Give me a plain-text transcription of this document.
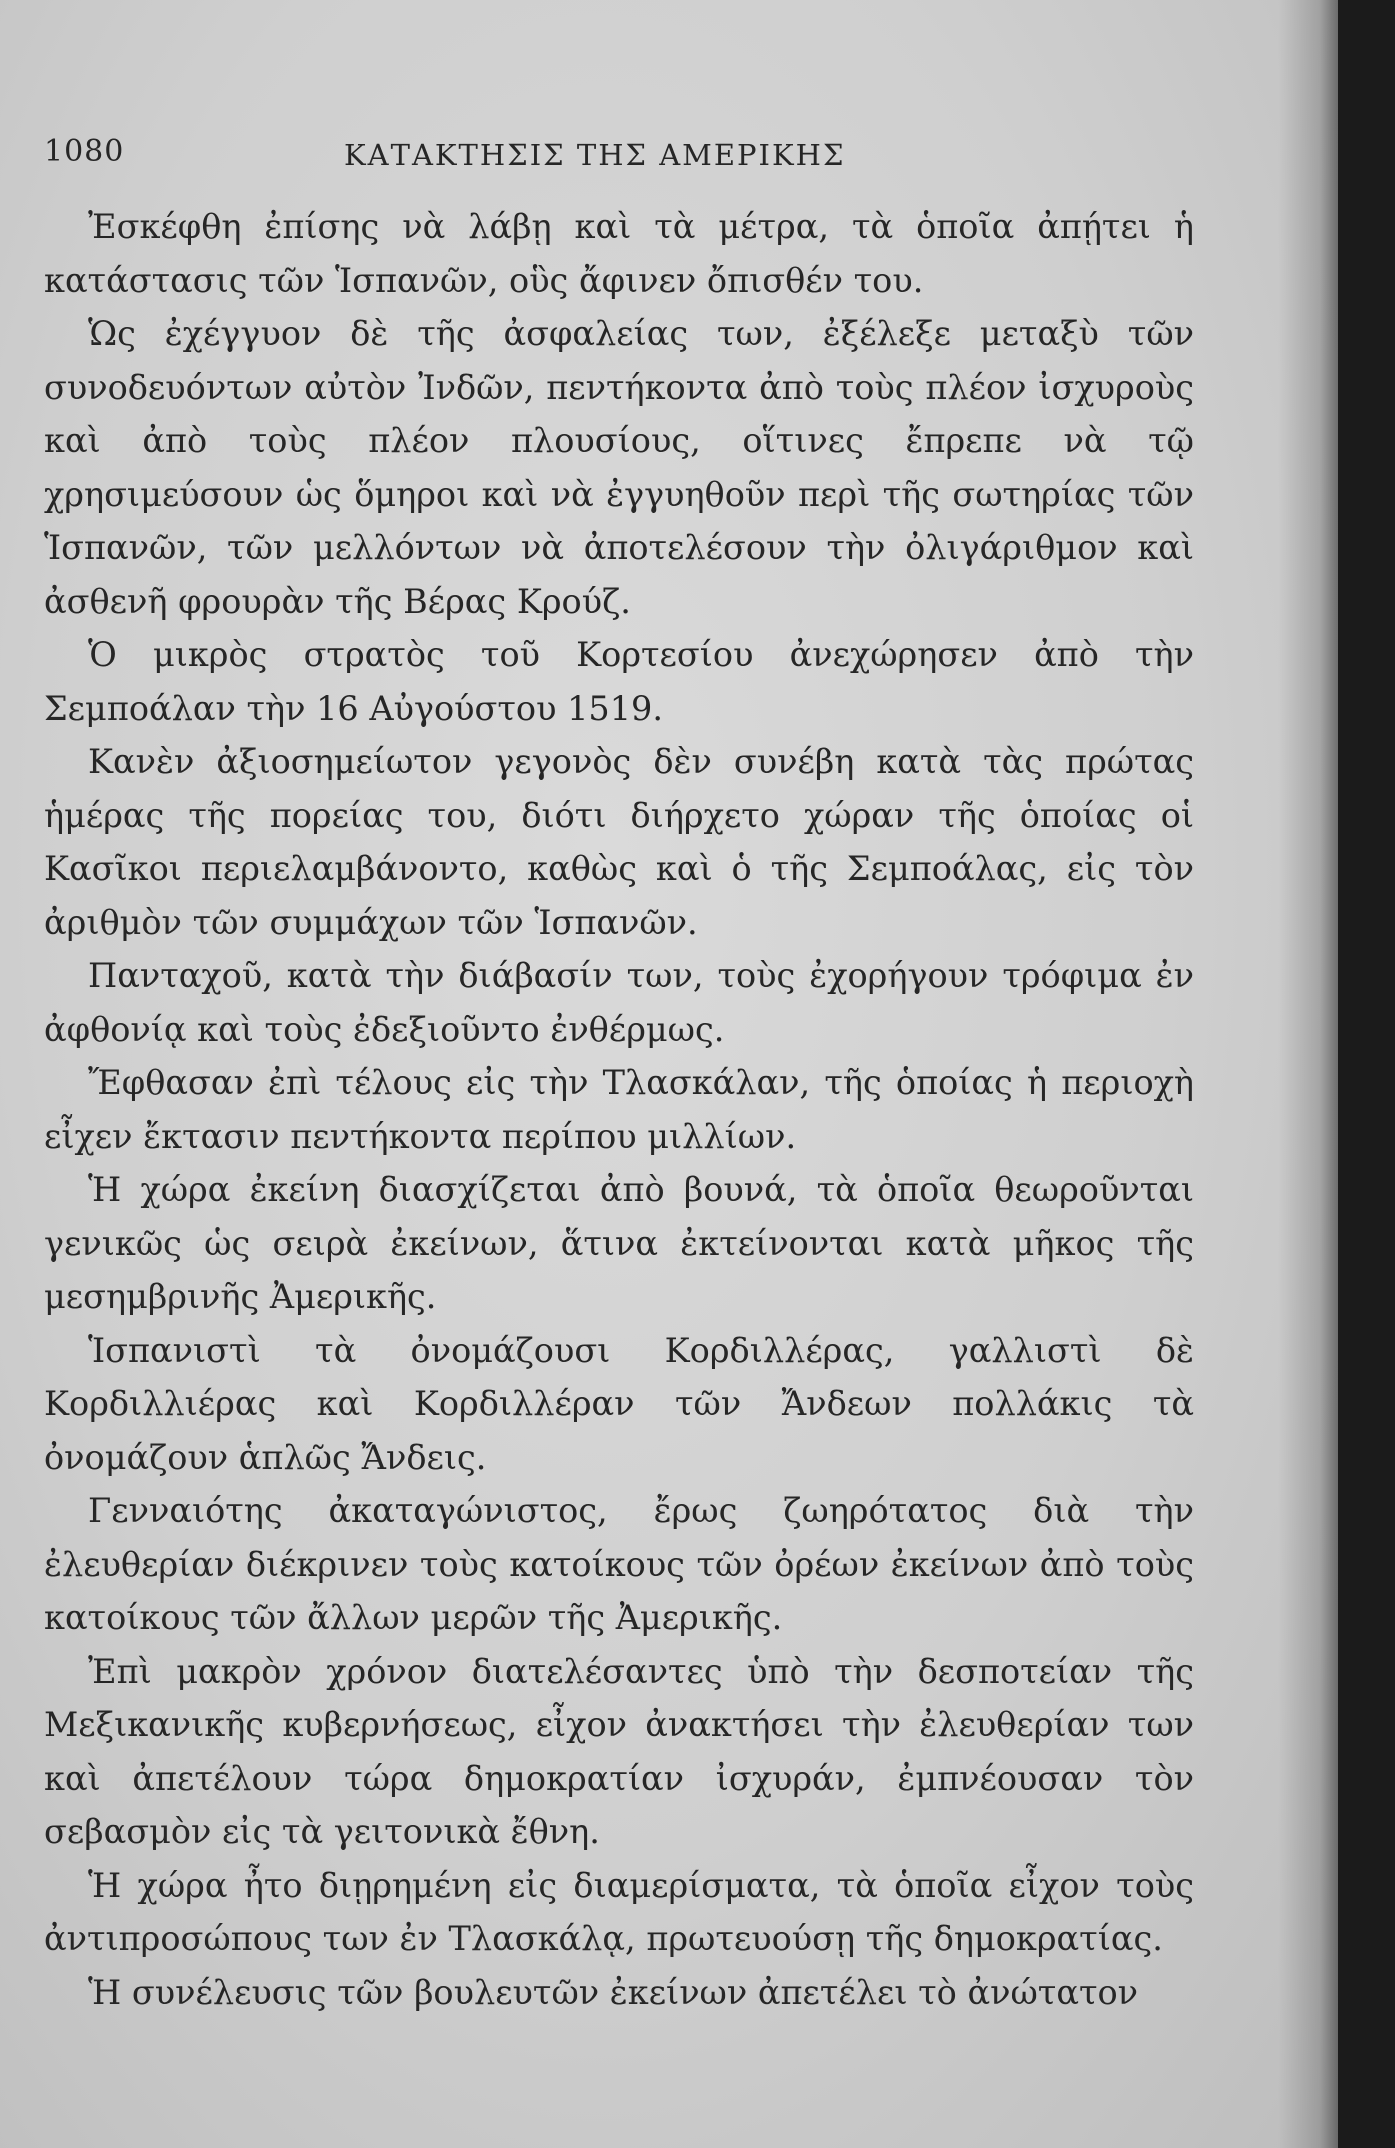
1080	ΚΑΤΑΚΤΗΣΙΣ ΤΗΣ ΑΜΕΡΙΚΗΣ

Ἐσκέφθη ἐπίσης νὰ λάβῃ καὶ τὰ μέτρα, τὰ ὁποῖα ἀπῄτει ἡ κατάστασις τῶν Ἱσπανῶν, οὓς ἄφινεν ὄπισθέν του.

Ὡς ἐχέγγυον δὲ τῆς ἀσφαλείας των, ἐξέλεξε μεταξὺ τῶν συνοδευόντων αὐτὸν Ἰνδῶν, πεντήκοντα ἀπὸ τοὺς πλέον ἰσχυροὺς καὶ ἀπὸ τοὺς πλέον πλουσίους, οἵτινες ἔπρεπε νὰ τῷ χρησιμεύσουν ὡς ὅμηροι καὶ νὰ ἐγγυηθοῦν περὶ τῆς σωτηρίας τῶν Ἱσπανῶν, τῶν μελλόντων νὰ ἀποτελέσουν τὴν ὀλιγάριθμον καὶ ἀσθενῆ φρουρὰν τῆς Βέρας Κρούζ.

Ὁ μικρὸς στρατὸς τοῦ Κορτεσίου ἀνεχώρησεν ἀπὸ τὴν Σεμποάλαν τὴν 16 Αὐγούστου 1519.

Κανὲν ἀξιοσημείωτον γεγονὸς δὲν συνέβη κατὰ τὰς πρώτας ἡμέρας τῆς πορείας του, διότι διήρχετο χώραν τῆς ὁποίας οἱ Κασῖκοι περιελαμβάνοντο, καθὼς καὶ ὁ τῆς Σεμποάλας, εἰς τὸν ἀριθμὸν τῶν συμμάχων τῶν Ἱσπανῶν.

Πανταχοῦ, κατὰ τὴν διάβασίν των, τοὺς ἐχορήγουν τρόφιμα ἐν ἀφθονίᾳ καὶ τοὺς ἐδεξιοῦντο ἐνθέρμως.

Ἔφθασαν ἐπὶ τέλους εἰς τὴν Τλασκάλαν, τῆς ὁποίας ἡ περιοχὴ εἶχεν ἔκτασιν πεντήκοντα περίπου μιλλίων.

Ἡ χώρα ἐκείνη διασχίζεται ἀπὸ βουνά, τὰ ὁποῖα θεωροῦνται γενικῶς ὡς σειρὰ ἐκείνων, ἅτινα ἐκτείνονται κατὰ μῆκος τῆς μεσημβρινῆς Ἀμερικῆς.

Ἱσπανιστὶ τὰ ὀνομάζουσι Κορδιλλέρας, γαλλιστὶ δὲ Κορδιλλιέρας καὶ Κορδιλλέραν τῶν Ἄνδεων πολλάκις τὰ ὀνομάζουν ἁπλῶς Ἄνδεις.

Γενναιότης ἀκαταγώνιστος, ἔρως ζωηρότατος διὰ τὴν ἐλευθερίαν διέκρινεν τοὺς κατοίκους τῶν ὀρέων ἐκείνων ἀπὸ τοὺς κατοίκους τῶν ἄλλων μερῶν τῆς Ἀμερικῆς.

Ἐπὶ μακρὸν χρόνον διατελέσαντες ὑπὸ τὴν δεσποτείαν τῆς Μεξικανικῆς κυβερνήσεως, εἶχον ἀνακτήσει τὴν ἐλευθερίαν των καὶ ἀπετέλουν τώρα δημοκρατίαν ἰσχυράν, ἐμπνέουσαν τὸν σεβασμὸν εἰς τὰ γειτονικὰ ἔθνη.

Ἡ χώρα ἦτο διῃρημένη εἰς διαμερίσματα, τὰ ὁποῖα εἶχον τοὺς ἀντιπροσώπους των ἐν Τλασκάλᾳ, πρωτευούσῃ τῆς δημοκρατίας.

Ἡ συνέλευσις τῶν βουλευτῶν ἐκείνων ἀπετέλει τὸ ἀνώτατον
